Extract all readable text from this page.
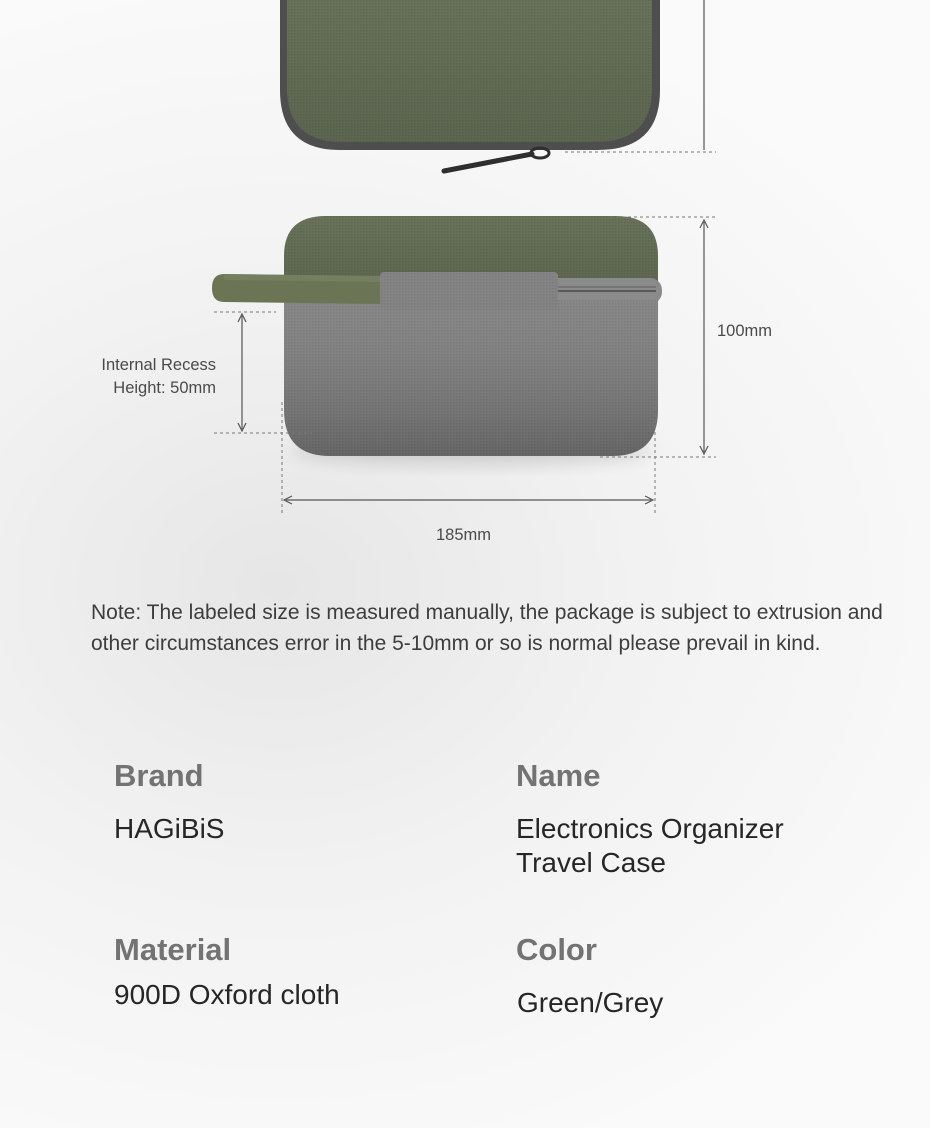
Internal Recess
Height: 50mm

100mm

185mm

Note: The labeled size is measured manually, the package is subject to extrusion and other circumstances error in the 5-10mm or so is normal please prevail in kind.

Brand

HAGiBiS

Name

Electronics Organizer
Travel Case

Material

900D Oxford cloth

Color

Green/Grey
